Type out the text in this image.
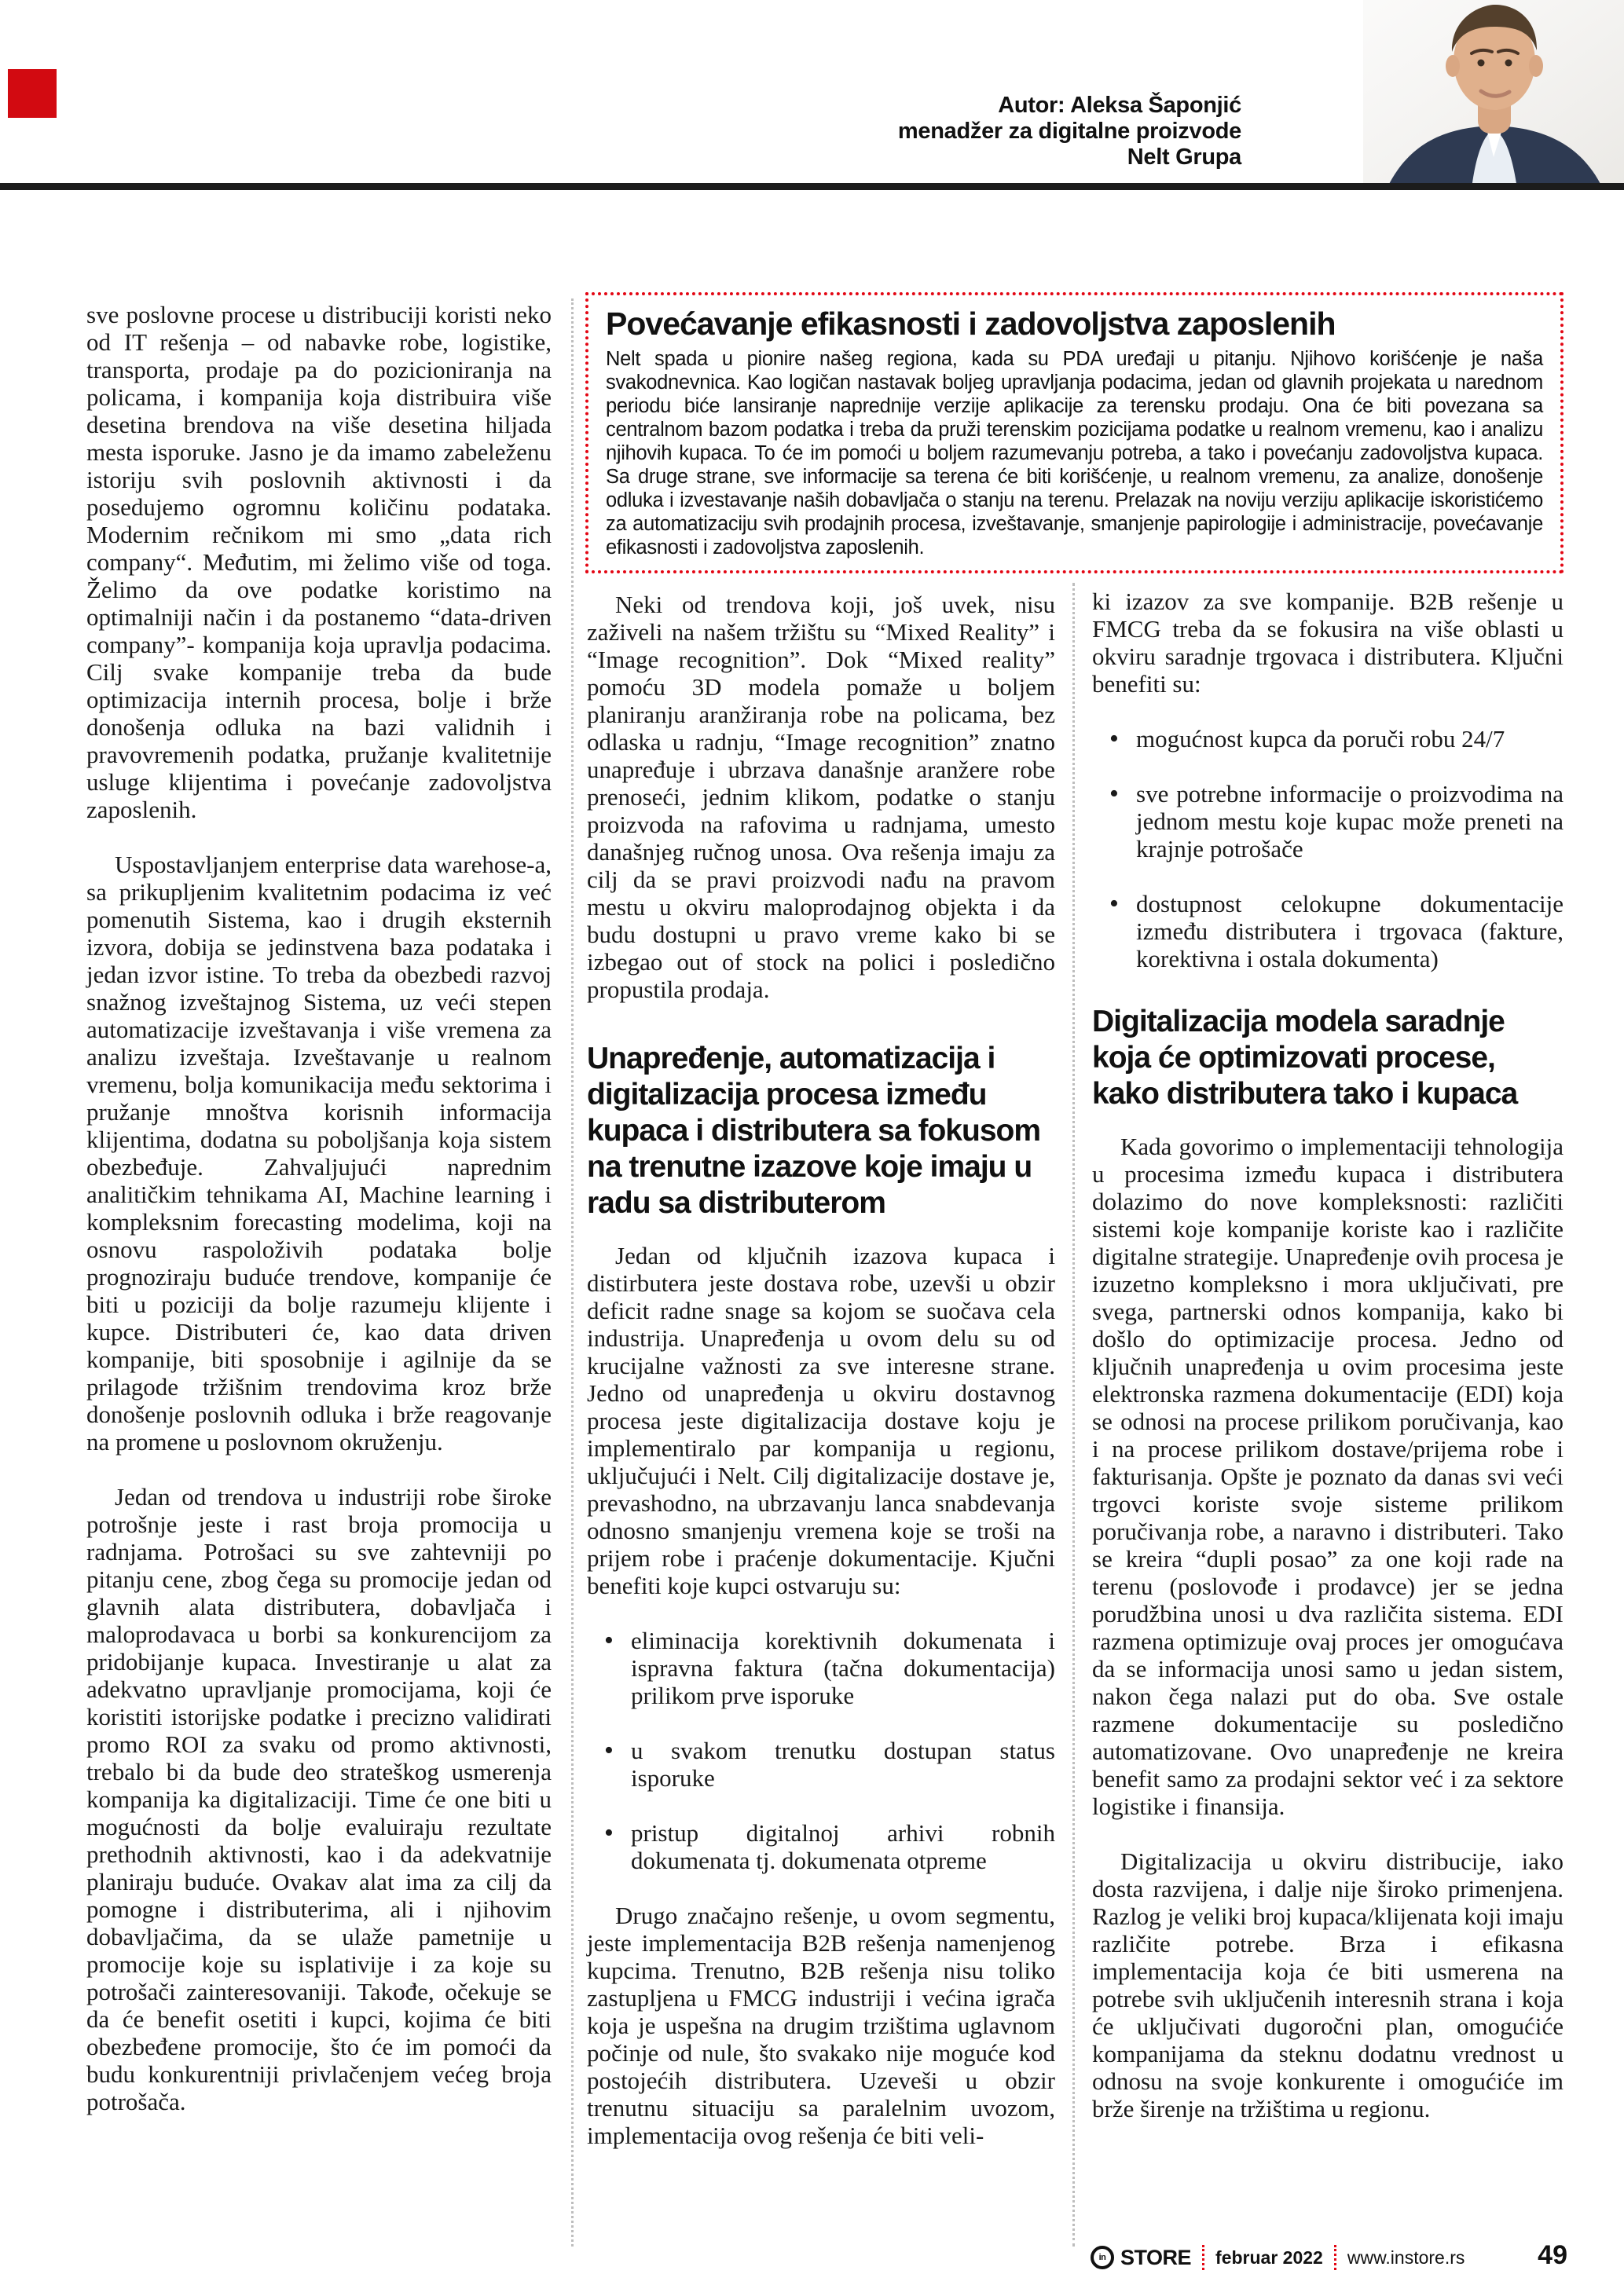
Autor: Aleksa Šaponjić
menadžer za digitalne proizvode
Nelt Grupa
Povećavanje efikasnosti i zadovoljstva zaposlenih

Nelt spada u pionire našeg regiona, kada su PDA uređaji u pitanju. Njihovo korišćenje je naša svakodnevnica. Kao logičan nastavak boljeg upravljanja podacima, jedan od glavnih projekata u narednom periodu biće lansiranje naprednije verzije aplikacije za terensku prodaju. Ona će biti povezana sa centralnom bazom podatka i treba da pruži terenskim pozicijama podatke u realnom vremenu, kao i analizu njihovih kupaca. To će im pomoći u boljem razumevanju potreba, a tako i povećanju zadovoljstva kupaca. Sa druge strane, sve informacije sa terena će biti korišćenje, u realnom vremenu, za analize, donošenje odluka i izvestavanje naših dobavljača o stanju na terenu. Prelazak na noviju verziju aplikacije iskoristićemo za automatizaciju svih prodajnih procesa, izveštavanje, smanjenje papirologije i administracije, povećavanje efikasnosti i zadovoljstva zaposlenih.

sve poslovne procese u distribuciji koristi neko od IT rešenja – od nabavke robe, logistike, transporta, prodaje pa do pozicioniranja na policama, i kompanija koja distribuira više desetina brendova na više desetina hiljada mesta isporuke. Jasno je da imamo zabeleženu istoriju svih poslovnih aktivnosti i da posedujemo ogromnu količinu podataka. Modernim rečnikom mi smo „data rich company“. Međutim, mi želimo više od toga. Želimo da ove podatke koristimo na optimalniji način i da postanemo “data-driven company”- kompanija koja upravlja podacima. Cilj svake kompanije treba da bude optimizacija internih procesa, bolje i brže donošenja odluka na bazi validnih i pravovremenih podatka, pružanje kvalitetnije usluge klijentima i povećanje zadovoljstva zaposlenih.

Uspostavljanjem enterprise data warehose-a, sa prikupljenim kvalitetnim podacima iz već pomenutih Sistema, kao i drugih eksternih izvora, dobija se jedinstvena baza podataka i jedan izvor istine. To treba da obezbedi razvoj snažnog izveštajnog Sistema, uz veći stepen automatizacije izveštavanja i više vremena za analizu izveštaja. Izveštavanje u realnom vremenu, bolja komunikacija među sektorima i pružanje mnoštva korisnih informacija klijentima, dodatna su poboljšanja koja sistem obezbeđuje. Zahvaljujući naprednim analitičkim tehnikama AI, Machine learning i kompleksnim forecasting modelima, koji na osnovu raspoloživih podataka bolje prognoziraju buduće trendove, kompanije će biti u poziciji da bolje razumeju klijente i kupce. Distributeri će, kao data driven kompanije, biti sposobnije i agilnije da se prilagode tržišnim trendovima kroz brže donošenje poslovnih odluka i brže reagovanje na promene u poslovnom okruženju.

Jedan od trendova u industriji robe široke potrošnje jeste i rast broja promocija u radnjama. Potrošaci su sve zahtevniji po pitanju cene, zbog čega su promocije jedan od glavnih alata distributera, dobavljača i maloprodavaca u borbi sa konkurencijom za pridobijanje kupaca. Investiranje u alat za adekvatno upravljanje promocijama, koji će koristiti istorijske podatke i precizno validirati promo ROI za svaku od promo aktivnosti, trebalo bi da bude deo strateškog usmerenja kompanija ka digitalizaciji. Time će one biti u mogućnosti da bolje evaluiraju rezultate prethodnih aktivnosti, kao i da adekvatnije planiraju buduće. Ovakav alat ima za cilj da pomogne i distributerima, ali i njihovim dobavljačima, da se ulaže pametnije u promocije koje su isplativije i za koje su potrošači zainteresovaniji. Takođe, očekuje se da će benefit osetiti i kupci, kojima će biti obezbeđene promocije, što će im pomoći da budu konkurentniji privlačenjem većeg broja potrošača.

Neki od trendova koji, još uvek, nisu zaživeli na našem tržištu su “Mixed Reality” i “Image recognition”. Dok “Mixed reality” pomoću 3D modela pomaže u boljem planiranju aranžiranja robe na policama, bez odlaska u radnju, “Image recognition” znatno unapređuje i ubrzava današnje aranžere robe prenoseći, jednim klikom, podatke o stanju proizvoda na rafovima u radnjama, umesto današnjeg ručnog unosa. Ova rešenja imaju za cilj da se pravi proizvodi nađu na pravom mestu u okviru maloprodajnog objekta i da budu dostupni u pravo vreme kako bi se izbegao out of stock na polici i posledično propustila prodaja.

Unapređenje, automatizacija i digitalizacija procesa između kupaca i distributera sa fokusom na trenutne izazove koje imaju u radu sa distributerom

Jedan od ključnih izazova kupaca i distirbutera jeste dostava robe, uzevši u obzir deficit radne snage sa kojom se suočava cela industrija. Unapređenja u ovom delu su od krucijalne važnosti za sve interesne strane. Jedno od unapređenja u okviru dostavnog procesa jeste digitalizacija dostave koju je implementiralo par kompanija u regionu, uključujući i Nelt. Cilj digitalizacije dostave je, prevashodno, na ubrzavanju lanca snabdevanja odnosno smanjenju vremena koje se troši na prijem robe i praćenje dokumentacije. Kjučni benefiti koje kupci ostvaruju su:

• eliminacija korektivnih dokumenata i ispravna faktura (tačna dokumentacija) prilikom prve isporuke
• u svakom trenutku dostupan status isporuke
• pristup digitalnoj arhivi robnih dokumenata tj. dokumenata otpreme

Drugo značajno rešenje, u ovom segmentu, jeste implementacija B2B rešenja namenjenog kupcima. Trenutno, B2B rešenja nisu toliko zastupljena u FMCG industriji i većina igrača koja je uspešna na drugim trzištima uglavnom počinje od nule, što svakako nije moguće kod postojećih distributera. Uzeveši u obzir trenutnu situaciju sa paralelnim uvozom, implementacija ovog rešenja će biti veli-

ki izazov za sve kompanije. B2B rešenje u FMCG treba da se fokusira na više oblasti u okviru saradnje trgovaca i distributera. Ključni benefiti su:

• mogućnost kupca da poruči robu 24/7
• sve potrebne informacije o proizvodima na jednom mestu koje kupac može preneti na krajnje potrošače
• dostupnost celokupne dokumentacije između distributera i trgovaca (fakture, korektivna i ostala dokumenta)
Digitalizacija modela saradnje koja će optimizovati procese, kako distributera tako i kupaca

Kada govorimo o implementaciji tehnologija u procesima između kupaca i distributera dolazimo do nove kompleksnosti: različiti sistemi koje kompanije koriste kao i različite digitalne strategije. Unapređenje ovih procesa je izuzetno kompleksno i mora uključivati, pre svega, partnerski odnos kompanija, kako bi došlo do optimizacije procesa. Jedno od ključnih unapređenja u ovim procesima jeste elektronska razmena dokumentacije (EDI) koja se odnosi na procese prilikom poručivanja, kao i na procese prilikom dostave/prijema robe i fakturisanja. Opšte je poznato da danas svi veći trgovci koriste svoje sisteme prilikom poručivanja robe, a naravno i distributeri. Tako se kreira “dupli posao” za one koji rade na terenu (poslovođe i prodavce) jer se jedna porudžbina unosi u dva različita sistema. EDI razmena optimizuje ovaj proces jer omogućava da se informacija unosi samo u jedan sistem, nakon čega nalazi put do oba. Sve ostale razmene dokumentacije su posledično automatizovane. Ovo unapređenje ne kreira benefit samo za prodajni sektor već i za sektore logistike i finansija.

Digitalizacija u okviru distribucije, iako dosta razvijena, i dalje nije široko primenjena. Razlog je veliki broj kupaca/klijenata koji imaju različite potrebe. Brza i efikasna implementacija koja će biti usmerena na potrebe svih uključenih interesnih strana i koja će uključivati dugoročni plan, omogućiće kompanijama da steknu dodatnu vrednost u odnosu na svoje konkurente i omogućiće im brže širenje na tržištima u regionu.

in STORE februar 2022 www.instore.rs	49
